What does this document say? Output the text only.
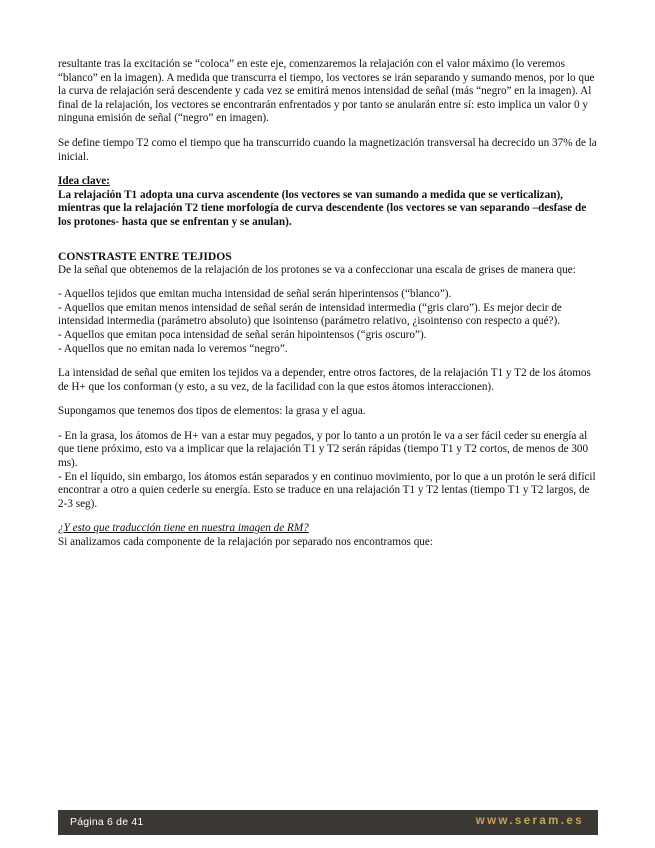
resultante tras la excitación se “coloca” en este eje, comenzaremos la relajación con el valor máximo (lo veremos “blanco” en la imagen). A medida que transcurra el tiempo, los vectores se irán separando y sumando menos, por lo que la curva de relajación será descendente y cada vez se emitirá menos intensidad de señal (más “negro” en la imagen). Al final de la relajación, los vectores se encontrarán enfrentados y por tanto se anularán entre sí: esto implica un valor 0 y ninguna emisión de señal (“negro” en imagen).

Se define tiempo T2 como el tiempo que ha transcurrido cuando la magnetización transversal ha decrecido un 37% de la inicial.

Idea clave:

La relajación T1 adopta una curva ascendente (los vectores se van sumando a medida que se verticalizan), mientras que la relajación T2 tiene morfología de curva descendente (los vectores se van separando –desfase de los protones- hasta que se enfrentan y se anulan).

CONSTRASTE ENTRE TEJIDOS

De la señal que obtenemos de la relajación de los protones se va a confeccionar una escala de grises de manera que:

- Aquellos tejidos que emitan mucha intensidad de señal serán hiperintensos (“blanco”).

- Aquellos que emitan menos intensidad de señal serán de intensidad intermedia (“gris claro”). Es mejor decir de intensidad intermedia (parámetro absoluto) que isointenso (parámetro relativo, ¿isointenso con respecto a qué?).

- Aquellos que emitan poca intensidad de señal serán hipointensos (“gris oscuro”).

- Aquellos que no emitan nada lo veremos “negro”.

La intensidad de señal que emiten los tejidos va a depender, entre otros factores, de la relajación T1 y T2 de los átomos de H+ que los conforman (y esto, a su vez, de la facilidad con la que estos átomos interaccionen).

Supongamos que tenemos dos tipos de elementos: la grasa y el agua.

- En la grasa, los átomos de H+ van a estar muy pegados, y por lo tanto a un protón le va a ser fácil ceder su energía al que tiene próximo, esto va a implicar que la relajación T1 y T2 serán rápidas (tiempo T1 y T2 cortos, de menos de 300 ms).

- En el líquido, sin embargo, los átomos están separados y en continuo movimiento, por lo que a un protón le será difícil encontrar a otro a quien cederle su energía. Esto se traduce en una relajación T1 y T2 lentas (tiempo T1 y T2 largos, de 2-3 seg).

¿Y esto que traducción tiene en nuestra imagen de RM?

Si analizamos cada componente de la relajación por separado nos encontramos que:

Página 6 de 41	www.seram.es
